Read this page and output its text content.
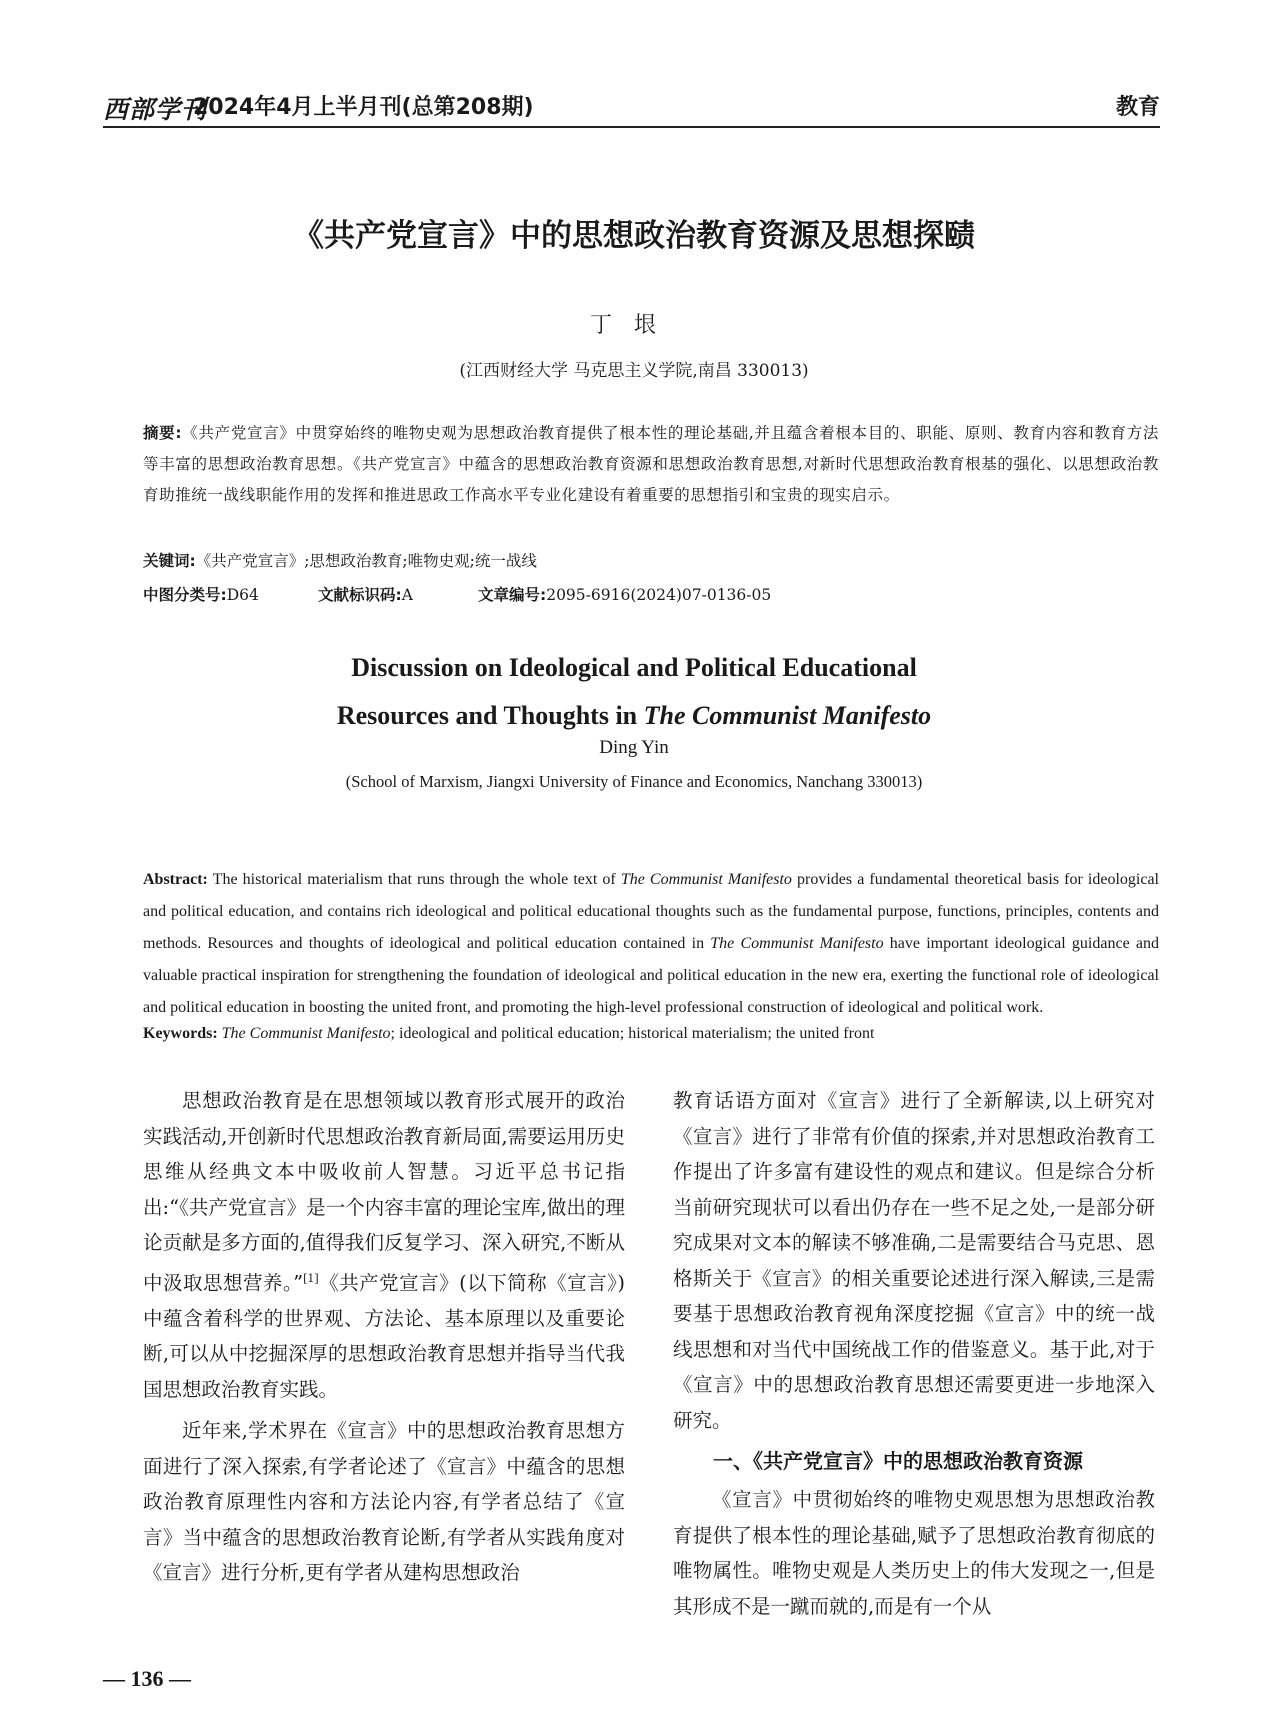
西部学刊
2024年4月上半月刊(总第208期)	教育
《共产党宣言》中的思想政治教育资源及思想探赜
丁垠
(江西财经大学 马克思主义学院,南昌 330013)
摘要:《共产党宣言》中贯穿始终的唯物史观为思想政治教育提供了根本性的理论基础,并且蕴含着根本目的、职能、原则、教育内容和教育方法等丰富的思想政治教育思想。《共产党宣言》中蕴含的思想政治教育资源和思想政治教育思想,对新时代思想政治教育根基的强化、以思想政治教育助推统一战线职能作用的发挥和推进思政工作高水平专业化建设有着重要的思想指引和宝贵的现实启示。
关键词:《共产党宣言》;思想政治教育;唯物史观;统一战线
中图分类号:D64	文献标识码:A	文章编号:2095-6916(2024)07-0136-05
Discussion on Ideological and Political Educational
Resources and Thoughts in The Communist Manifesto
Ding Yin
(School of Marxism, Jiangxi University of Finance and Economics, Nanchang 330013)
Abstract: The historical materialism that runs through the whole text of The Communist Manifesto provides a fundamental theoretical basis for ideological and political education, and contains rich ideological and political educational thoughts such as the fundamental purpose, functions, principles, contents and methods. Resources and thoughts of ideological and political education contained in The Communist Manifesto have important ideological guidance and valuable practical inspiration for strengthening the foundation of ideological and political education in the new era, exerting the functional role of ideological and political education in boosting the united front, and promoting the high-level professional construction of ideological and political work.
Keywords: The Communist Manifesto; ideological and political education; historical materialism; the united front

思想政治教育是在思想领域以教育形式展开的政治实践活动,开创新时代思想政治教育新局面,需要运用历史思维从经典文本中吸收前人智慧。习近平总书记指出:“《共产党宣言》是一个内容丰富的理论宝库,做出的理论贡献是多方面的,值得我们反复学习、深入研究,不断从中汲取思想营养。”[1]《共产党宣言》(以下简称《宣言》)中蕴含着科学的世界观、方法论、基本原理以及重要论断,可以从中挖掘深厚的思想政治教育思想并指导当代我国思想政治教育实践。

近年来,学术界在《宣言》中的思想政治教育思想方面进行了深入探索,有学者论述了《宣言》中蕴含的思想政治教育原理性内容和方法论内容,有学者总结了《宣言》当中蕴含的思想政治教育论断,有学者从实践角度对《宣言》进行分析,更有学者从建构思想政治

教育话语方面对《宣言》进行了全新解读,以上研究对《宣言》进行了非常有价值的探索,并对思想政治教育工作提出了许多富有建设性的观点和建议。但是综合分析当前研究现状可以看出仍存在一些不足之处,一是部分研究成果对文本的解读不够准确,二是需要结合马克思、恩格斯关于《宣言》的相关重要论述进行深入解读,三是需要基于思想政治教育视角深度挖掘《宣言》中的统一战线思想和对当代中国统战工作的借鉴意义。基于此,对于《宣言》中的思想政治教育思想还需要更进一步地深入研究。

一、《共产党宣言》中的思想政治教育资源

《宣言》中贯彻始终的唯物史观思想为思想政治教育提供了根本性的理论基础,赋予了思想政治教育彻底的唯物属性。唯物史观是人类历史上的伟大发现之一,但是其形成不是一蹴而就的,而是有一个从

— 136 —
